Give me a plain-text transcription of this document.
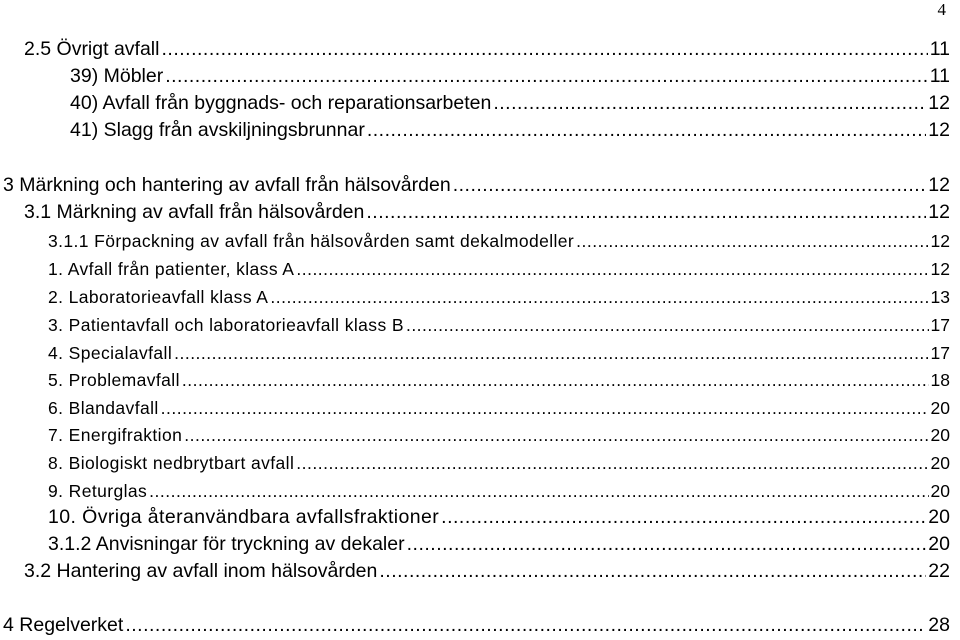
4
2.5 Övrigt avfall .....	11
39) Möbler .....	11
40) Avfall från byggnads- och reparationsarbeten .....	12
41) Slagg från avskiljningsbrunnar .....	12
3 Märkning och hantering av avfall från hälsovården .....	12
3.1 Märkning av avfall från hälsovården .....	12
3.1.1 Förpackning av avfall från hälsovården samt dekalmodeller .....	12
1. Avfall från patienter, klass A .....	12
2. Laboratorieavfall klass A .....	13
3. Patientavfall och laboratorieavfall klass B .....	17
4. Specialavfall .....	17
5. Problemavfall .....	18
6. Blandavfall .....	20
7. Energifraktion .....	20
8. Biologiskt nedbrytbart avfall .....	20
9. Returglas .....	20
10. Övriga återanvändbara avfallsfraktioner .....	20
3.1.2 Anvisningar för tryckning av dekaler .....	20
3.2 Hantering av avfall inom hälsovården .....	22
4 Regelverket .....	28
